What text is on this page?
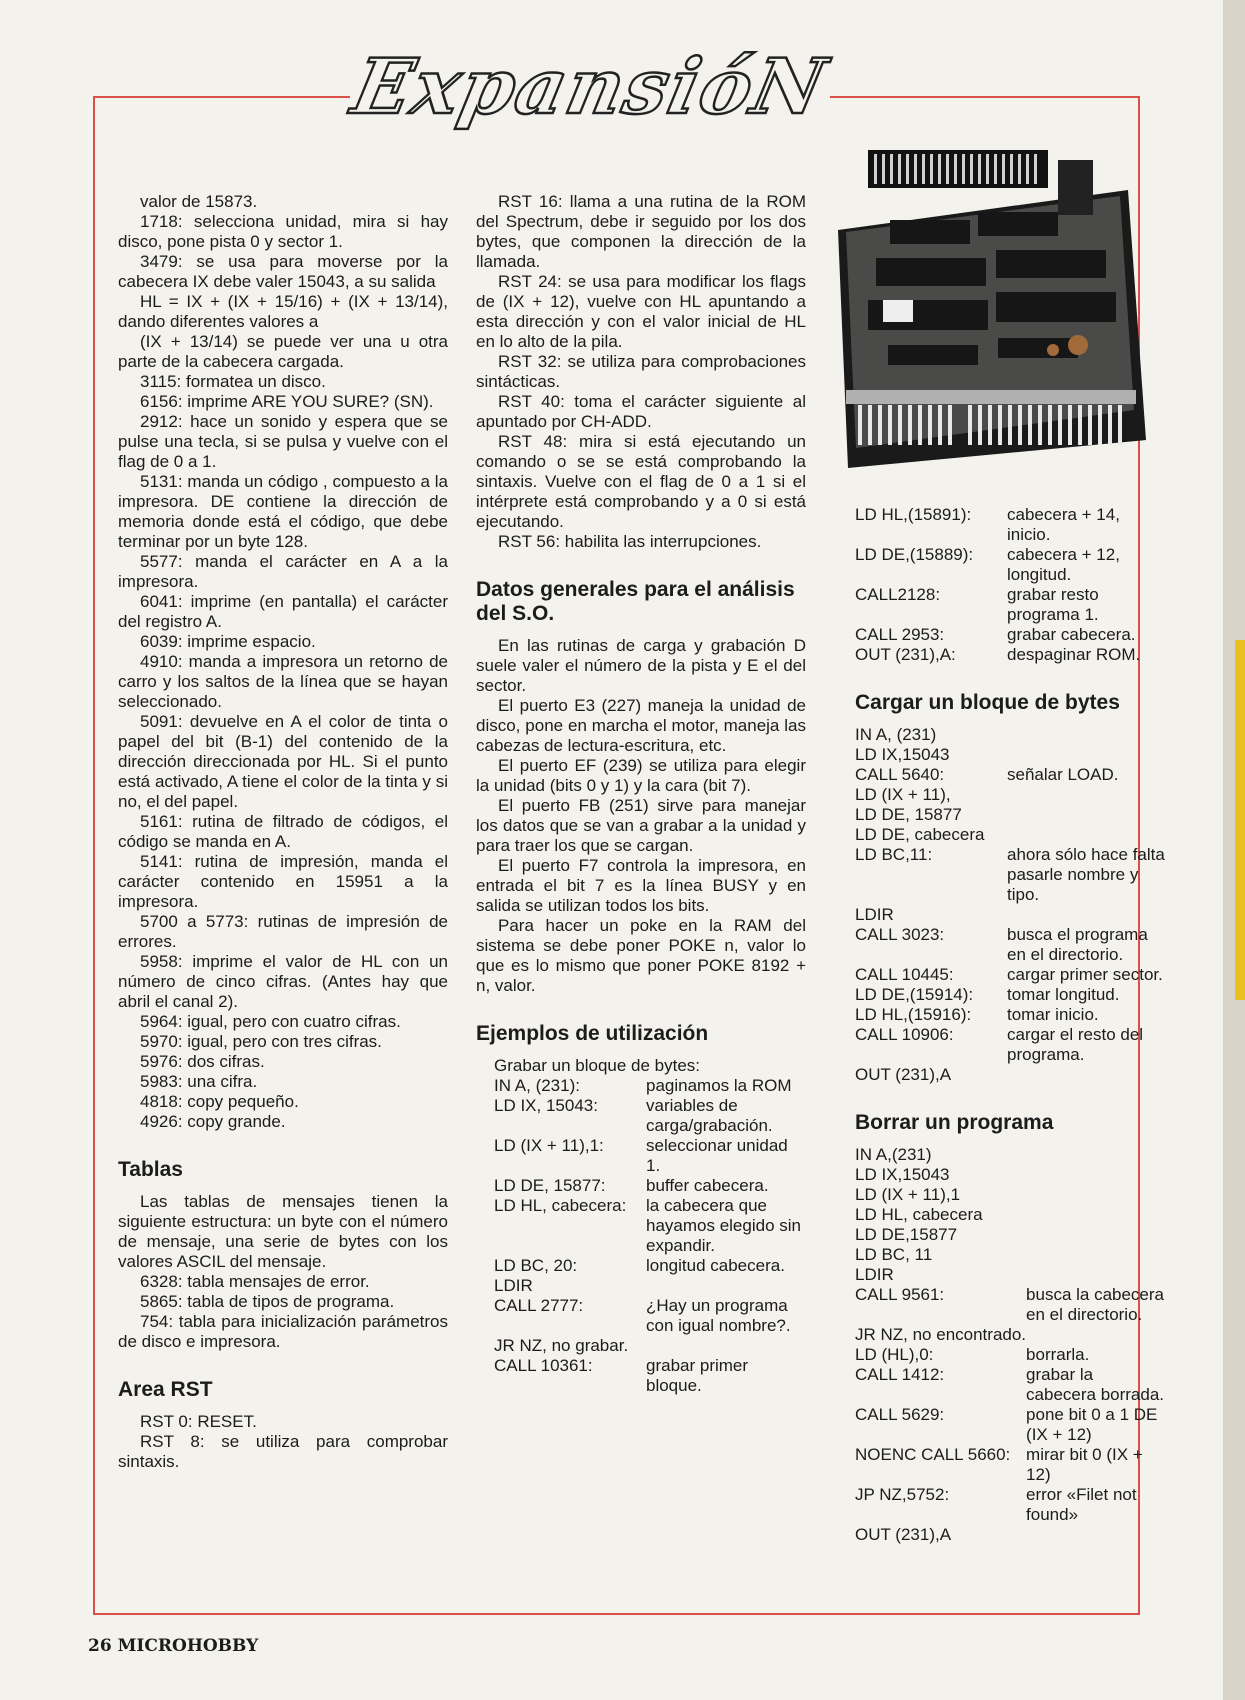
ExpansióN

valor de 15873.

1718: selecciona unidad, mira si hay disco, pone pista 0 y sector 1.

3479: se usa para moverse por la cabecera IX debe valer 15043, a su salida

HL = IX + (IX + 15/16) + (IX + 13/14), dando diferentes valores a

(IX + 13/14) se puede ver una u otra parte de la cabecera cargada.

3115: formatea un disco.

6156: imprime ARE YOU SURE? (SN).

2912: hace un sonido y espera que se pulse una tecla, si se pulsa y vuelve con el flag de 0 a 1.

5131: manda un código , compuesto a la impresora. DE contiene la dirección de memoria donde está el código, que debe terminar por un byte 128.

5577: manda el carácter en A a la impresora.

6041: imprime (en pantalla) el carácter del registro A.

6039: imprime espacio.

4910: manda a impresora un retorno de carro y los saltos de la línea que se hayan seleccionado.

5091: devuelve en A el color de tinta o papel del bit (B-1) del contenido de la dirección direccionada por HL. Si el punto está activado, A tiene el color de la tinta y si no, el del papel.

5161: rutina de filtrado de códigos, el código se manda en A.

5141: rutina de impresión, manda el carácter contenido en 15951 a la impresora.

5700 a 5773: rutinas de impresión de errores.

5958: imprime el valor de HL con un número de cinco cifras. (Antes hay que abril el canal 2).

5964: igual, pero con cuatro cifras.

5970: igual, pero con tres cifras.

5976: dos cifras.

5983: una cifra.

4818: copy pequeño.

4926: copy grande.

Tablas

Las tablas de mensajes tienen la siguiente estructura: un byte con el número de mensaje, una serie de bytes con los valores ASCIL del mensaje.

6328: tabla mensajes de error.

5865: tabla de tipos de programa.

754: tabla para inicialización parámetros de disco e impresora.

Area RST

RST 0: RESET.

RST 8: se utiliza para comprobar sintaxis.

RST 16: llama a una rutina de la ROM del Spectrum, debe ir seguido por los dos bytes, que componen la dirección de la llamada.

RST 24: se usa para modificar los flags de (IX + 12), vuelve con HL apuntando a esta dirección y con el valor inicial de HL en lo alto de la pila.

RST 32: se utiliza para comprobaciones sintácticas.

RST 40: toma el carácter siguiente al apuntado por CH-ADD.

RST 48: mira si está ejecutando un comando o se se está comprobando la sintaxis. Vuelve con el flag de 0 a 1 si el intérprete está comprobando y a 0 si está ejecutando.

RST 56: habilita las interrupciones.

Datos generales para el análisis del S.O.

En las rutinas de carga y grabación D suele valer el número de la pista y E el del sector.

El puerto E3 (227) maneja la unidad de disco, pone en marcha el motor, maneja las cabezas de lectura-escritura, etc.

El puerto EF (239) se utiliza para elegir la unidad (bits 0 y 1) y la cara (bit 7).

El puerto FB (251) sirve para manejar los datos que se van a grabar a la unidad y para traer los que se cargan.

El puerto F7 controla la impresora, en entrada el bit 7 es la línea BUSY y en salida se utilizan todos los bits.

Para hacer un poke en la RAM del sistema se debe poner POKE n, valor lo que es lo mismo que poner POKE 8192 + n, valor.

Ejemplos de utilización
Grabar un bloque de bytes:
IN A, (231):	paginamos la ROM
LD IX, 15043:	variables de carga/grabación.
LD (IX + 11),1:	seleccionar unidad 1.
LD DE, 15877:	buffer cabecera.
LD HL, cabecera:	la cabecera que hayamos elegido sin expandir.
LD BC, 20:	longitud cabecera.
LDIR	
CALL 2777:	¿Hay un programa con igual nombre?.
JR NZ, no grabar.	
CALL 10361:	grabar primer bloque.
LD HL,(15891):	cabecera + 14, inicio.
LD DE,(15889):	cabecera + 12, longitud.
CALL2128:	grabar resto programa 1.
CALL 2953:	grabar cabecera.
OUT (231),A:	despaginar ROM.
Cargar un bloque de bytes
IN A, (231)	
LD IX,15043	
CALL 5640:	señalar LOAD.
LD (IX + 11),	
LD DE, 15877	
LD DE, cabecera	
LD BC,11:	ahora sólo hace falta pasarle nombre y tipo.
LDIR	
CALL 3023:	busca el programa en el directorio.
CALL 10445:	cargar primer sector.
LD DE,(15914):	tomar longitud.
LD HL,(15916):	tomar inicio.
CALL 10906:	cargar el resto del programa.
OUT (231),A	
Borrar un programa
IN A,(231)	
LD IX,15043	
LD (IX + 11),1	
LD HL, cabecera	
LD DE,15877	
LD BC, 11	
LDIR	
CALL 9561:	busca la cabecera en el directorio.
JR NZ, no encontrado.	
LD (HL),0:	borrarla.
CALL 1412:	grabar la cabecera borrada.
CALL 5629:	pone bit 0 a 1 DE (IX + 12)
NOENC CALL 5660:	mirar bit 0 (IX + 12)
JP NZ,5752:	error «Filet not found»
OUT (231),A	
26 MICROHOBBY
